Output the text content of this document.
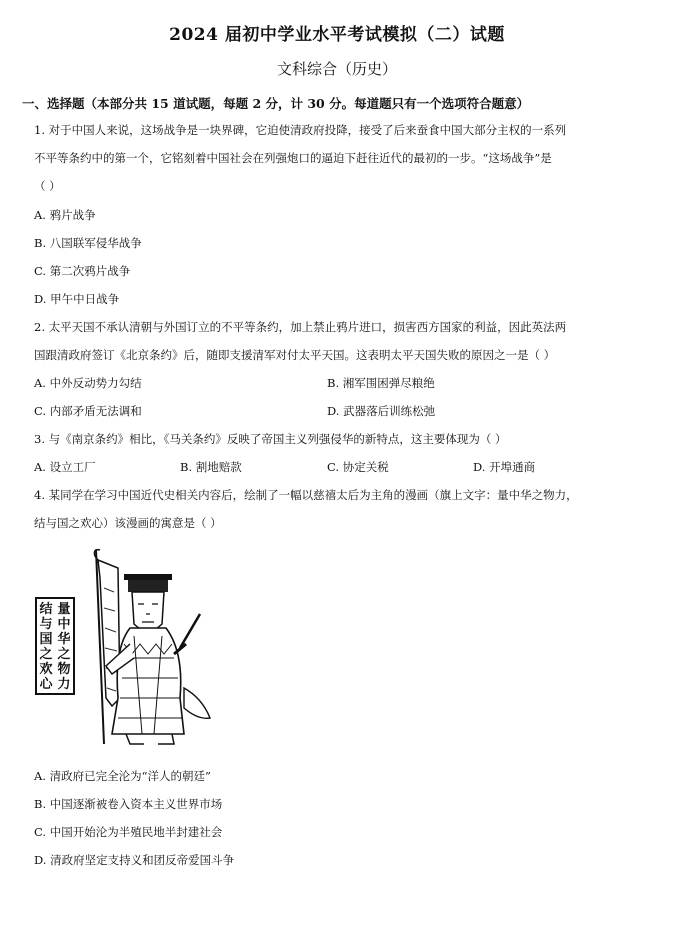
2024 届初中学业水平考试模拟（二）试题
文科综合（历史）
一、选择题（本部分共 15 道试题，每题 2 分，计 30 分。每道题只有一个选项符合题意）
1. 对于中国人来说，这场战争是一块界碑，它迫使清政府投降，接受了后来蚕食中国大部分主权的一系列
不平等条约中的第一个，它铭刻着中国社会在列强炮口的逼迫下赶往近代的最初的一步。“这场战争”是
（ ）
A. 鸦片战争
B. 八国联军侵华战争
C. 第二次鸦片战争
D. 甲午中日战争
2. 太平天国不承认清朝与外国订立的不平等条约，加上禁止鸦片进口，损害西方国家的利益，因此英法两
国跟清政府签订《北京条约》后，随即支援清军对付太平天国。这表明太平天国失败的原因之一是（ ）
A. 中外反动势力勾结	B. 湘军围困弹尽粮绝
C. 内部矛盾无法调和	D. 武器落后训练松弛
3. 与《南京条约》相比，《马关条约》反映了帝国主义列强侵华的新特点，这主要体现为（ ）
A. 设立工厂	B. 割地赔款	C. 协定关税	D. 开埠通商
4. 某同学在学习中国近代史相关内容后，绘制了一幅以慈禧太后为主角的漫画（旗上文字：量中华之物力，
结与国之欢心）该漫画的寓意是（ ）
量
中
华
之
物
力
结
与
国
之
欢
心
A. 清政府已完全沦为“洋人的朝廷”
B. 中国逐渐被卷入资本主义世界市场
C. 中国开始沦为半殖民地半封建社会
D. 清政府坚定支持义和团反帝爱国斗争
